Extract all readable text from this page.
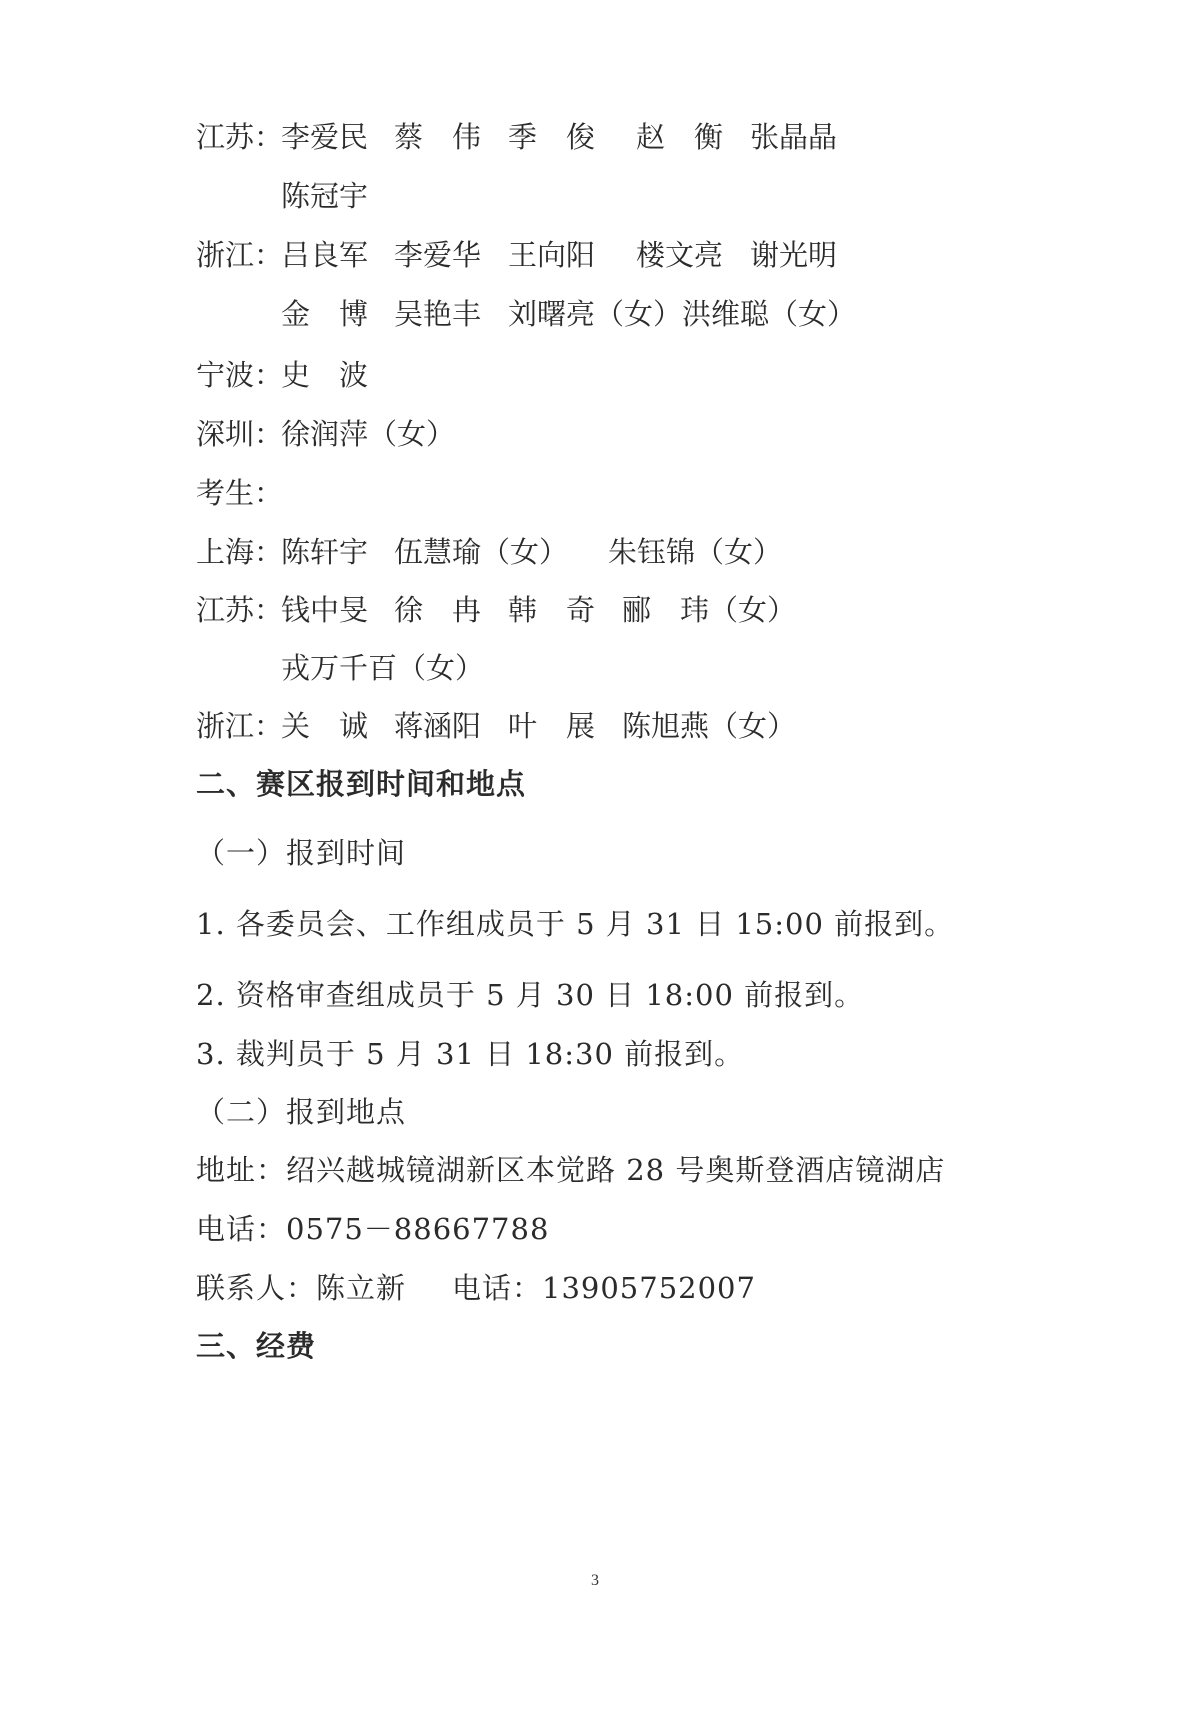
江苏：
李爱民 蔡　伟 季　俊 赵　衡 张晶晶
陈冠宇
浙江：
吕良军 李爱华 王向阳 楼文亮 谢光明
金　博 吴艳丰 刘曙亮（女）洪维聪（女）
宁波：
史　波
深圳：
徐润萍（女）
考生：
上海：
陈轩宇 伍慧瑜（女） 朱钰锦（女）
江苏：
钱中旻 徐　冉 韩　奇 郦　玮（女）
戎万千百（女）
浙江：
关　诚 蒋涵阳 叶　展 陈旭燕（女）
二、赛区报到时间和地点
（一）报到时间
1. 各委员会、工作组成员于 5 月 31 日 15:00 前报到。
2. 资格审查组成员于 5 月 30 日 18:00 前报到。
3. 裁判员于 5 月 31 日 18:30 前报到。
（二）报到地点
地址：绍兴越城镜湖新区本觉路 28 号奥斯登酒店镜湖店
电话：0575－88667788
联系人：陈立新 电话：13905752007
三、经费
3
